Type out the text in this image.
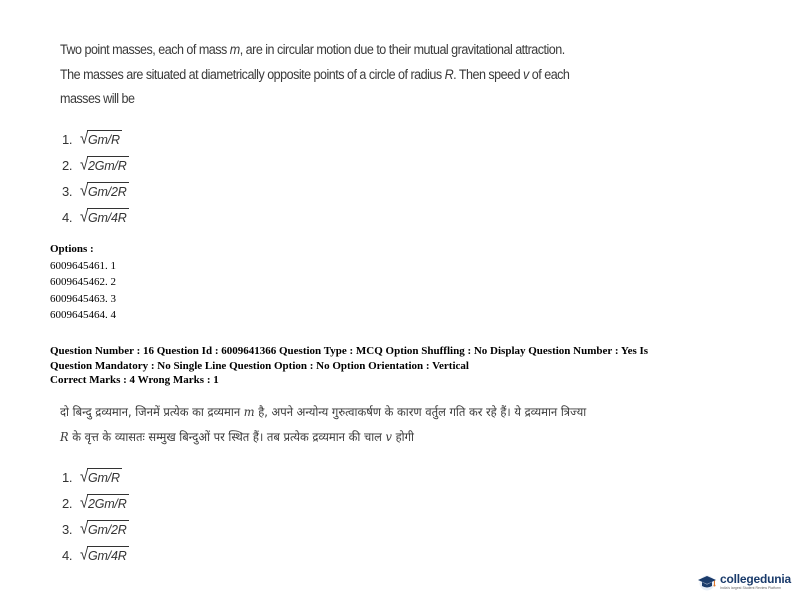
Two point masses, each of mass m, are in circular motion due to their mutual gravitational attraction. The masses are situated at diametrically opposite points of a circle of radius R. Then speed v of each masses will be
1. √ Gm/R
2. √ 2Gm/R
3. √ Gm/2R
4. √ Gm/4R
Options :
6009645461. 1
6009645462. 2
6009645463. 3
6009645464. 4
Question Number : 16 Question Id : 6009641366 Question Type : MCQ Option Shuffling : No Display Question Number : Yes Is
Question Mandatory : No Single Line Question Option : No Option Orientation : Vertical
Correct Marks : 4 Wrong Marks : 1
दो बिन्दु द्रव्यमान, जिनमें प्रत्येक का द्रव्यमान m है, अपने अन्योन्य गुरुत्वाकर्षण के कारण वर्तुल गति कर रहे हैं। ये द्रव्यमान त्रिज्या R के वृत्त के व्यासतः सम्मुख बिन्दुओं पर स्थित हैं। तब प्रत्येक द्रव्यमान की चाल v होगी
1. √ Gm/R
2. √ 2Gm/R
3. √ Gm/2R
4. √ Gm/4R
collegedunia
India's largest Student Review Platform
